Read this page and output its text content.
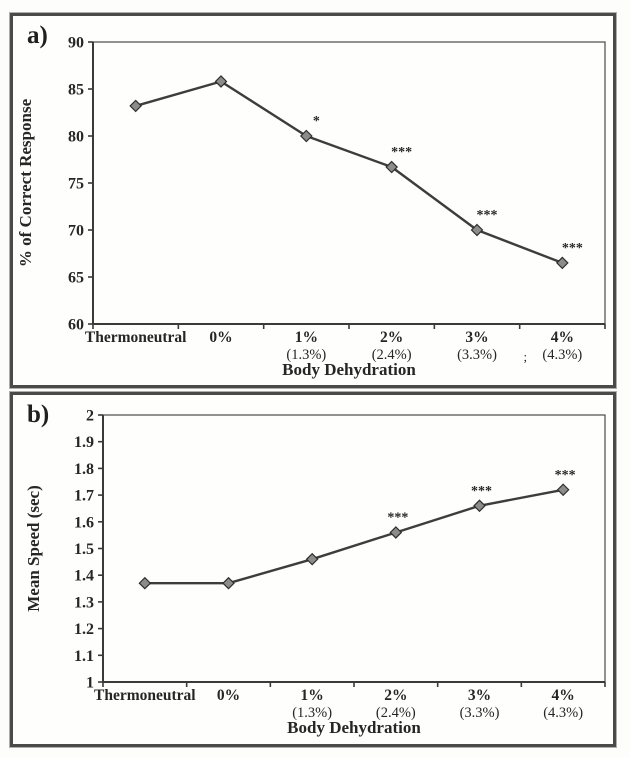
a) 90
85
80
75
70
65
60
Thermoneutral 0%	1%
(1.3%)
2%
(2.4%)
3%
(3.3%)
4%
(4.3%)
*
***
***
***
Body Dehydration
% of Correct Response
;
b) 2
1.9
1.8
1.7
1.6
1.5
1.4
1.3
1.2
1.1
1
Thermoneutral 0%	1%
(1.3%)
2%
(2.4%)
3%
(3.3%)
4%
(4.3%)
***
***
***
Body Dehydration
Mean Speed (sec)
